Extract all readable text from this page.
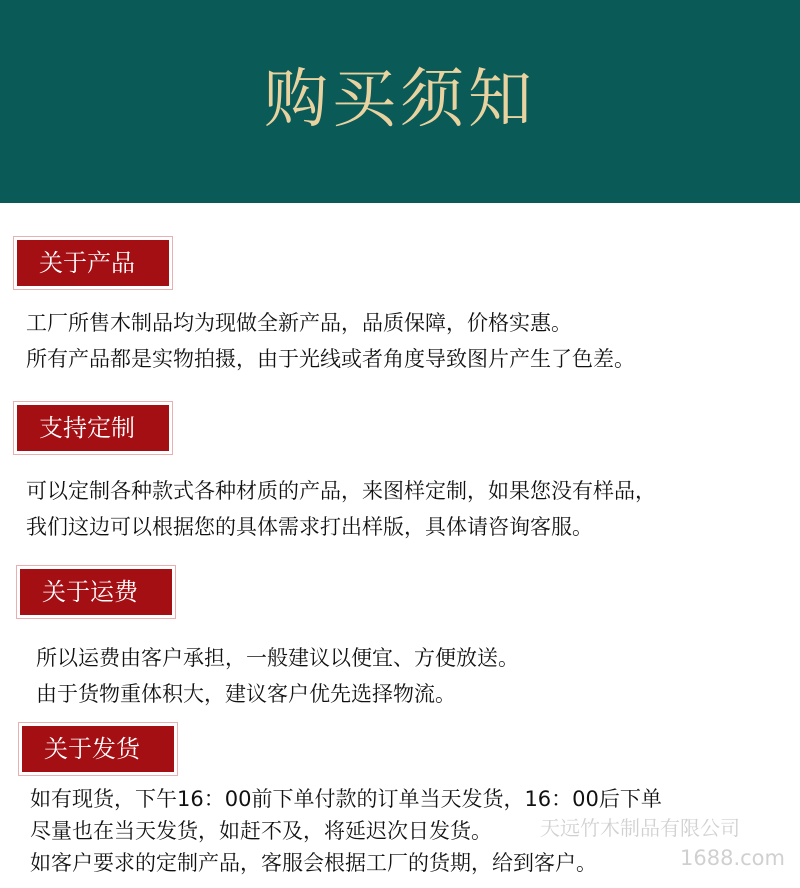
购买须知
关于产品
工厂所售木制品均为现做全新产品，品质保障，价格实惠。
所有产品都是实物拍摄，由于光线或者角度导致图片产生了色差。
支持定制
可以定制各种款式各种材质的产品，来图样定制，如果您没有样品，
我们这边可以根据您的具体需求打出样版，具体请咨询客服。
关于运费
所以运费由客户承担，一般建议以便宜、方便放送。
由于货物重体积大，建议客户优先选择物流。
关于发货
如有现货，下午16：00前下单付款的订单当天发货，16：00后下单
尽量也在当天发货，如赶不及，将延迟次日发货。
如客户要求的定制产品，客服会根据工厂的货期，给到客户。
天远竹木制品有限公司
1688.com
